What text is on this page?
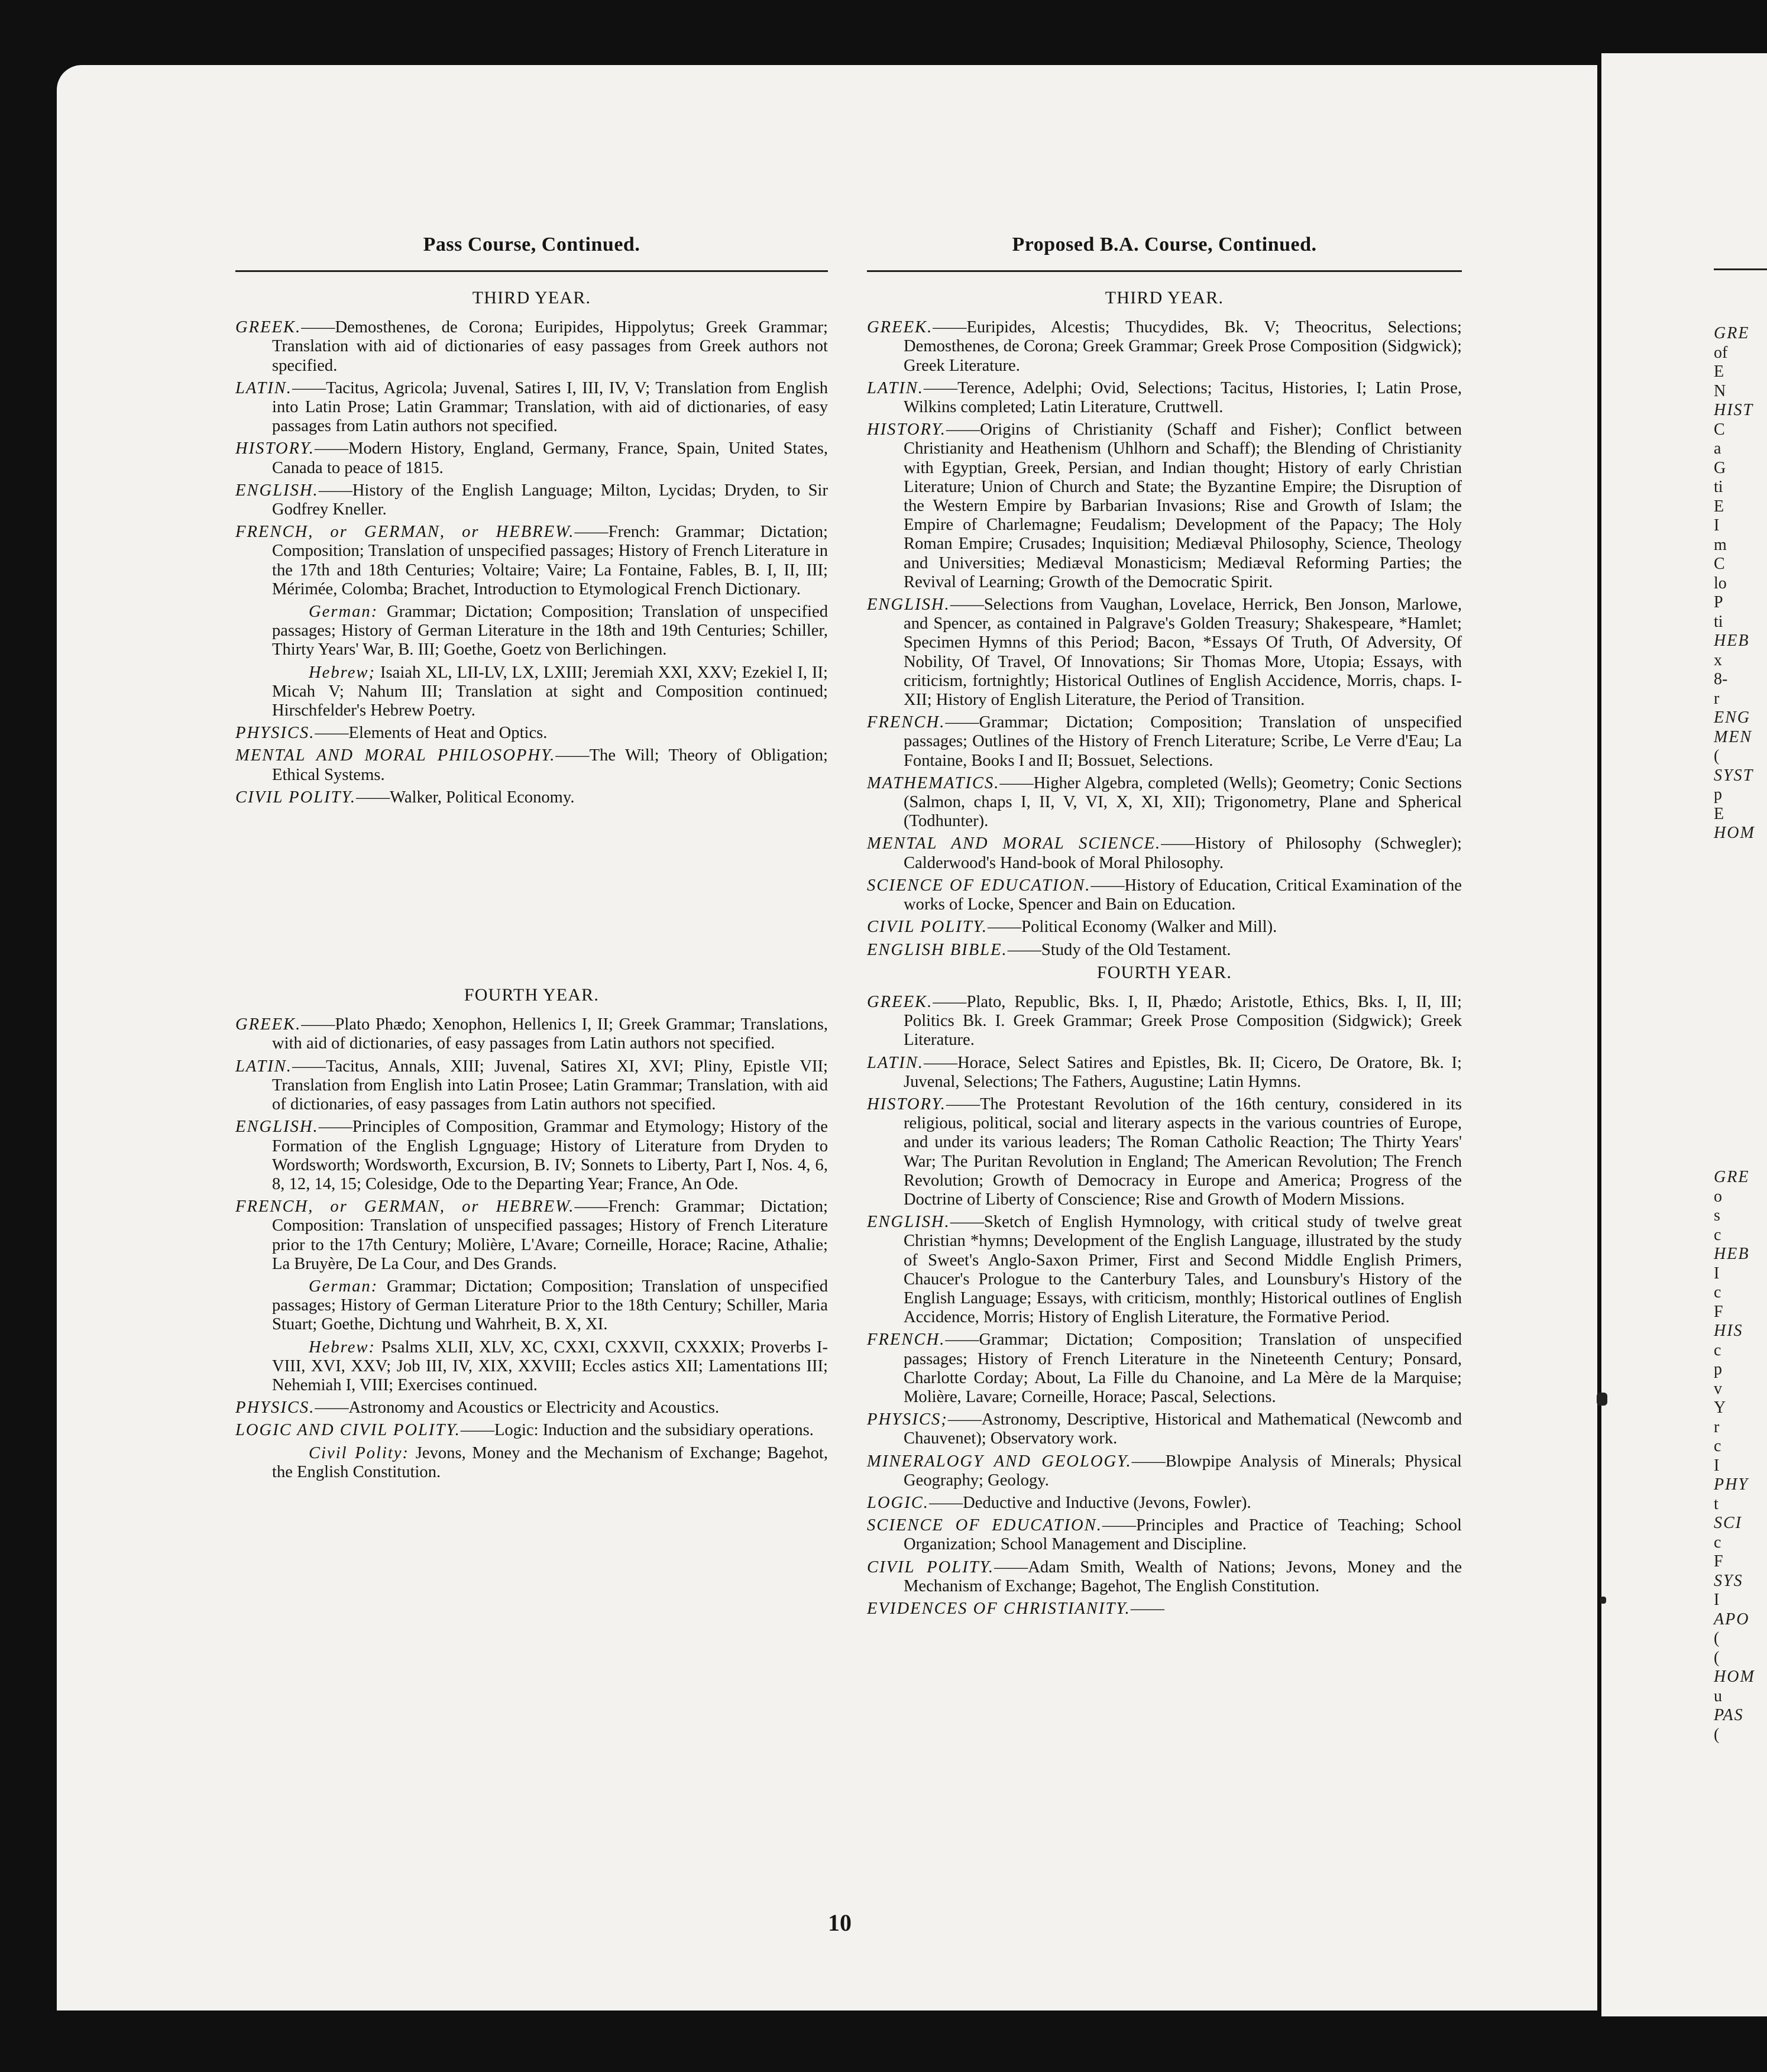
Pass Course, Continued.
THIRD YEAR.

GREEK.——Demosthenes, de Corona; Euripides, Hippolytus; Greek Grammar; Translation with aid of dictionaries of easy passages from Greek authors not specified.

LATIN.——Tacitus, Agricola; Juvenal, Satires I, III, IV, V; Translation from English into Latin Prose; Latin Grammar; Translation, with aid of dictionaries, of easy passages from Latin authors not specified.

HISTORY.——Modern History, England, Germany, France, Spain, United States, Canada to peace of 1815.

ENGLISH.——History of the English Language; Milton, Lycidas; Dryden, to Sir Godfrey Kneller.

FRENCH, or GERMAN, or HEBREW.——French: Grammar; Dictation; Composition; Translation of unspecified passages; History of French Literature in the 17th and 18th Centuries; Voltaire; Vaire; La Fontaine, Fables, B. I, II, III; Mérimée, Colomba; Brachet, Introduction to Etymological French Dictionary.

German: Grammar; Dictation; Composition; Translation of unspecified passages; History of German Literature in the 18th and 19th Centuries; Schiller, Thirty Years' War, B. III; Goethe, Goetz von Berlichingen.

Hebrew; Isaiah XL, LII-LV, LX, LXIII; Jeremiah XXI, XXV; Ezekiel I, II; Micah V; Nahum III; Translation at sight and Composition continued; Hirschfelder's Hebrew Poetry.

PHYSICS.——Elements of Heat and Optics.

MENTAL AND MORAL PHILOSOPHY.——The Will; Theory of Obligation; Ethical Systems.

CIVIL POLITY.——Walker, Political Economy.

FOURTH YEAR.

GREEK.——Plato Phædo; Xenophon, Hellenics I, II; Greek Grammar; Translations, with aid of dictionaries, of easy passages from Latin authors not specified.

LATIN.——Tacitus, Annals, XIII; Juvenal, Satires XI, XVI; Pliny, Epistle VII; Translation from English into Latin Prosee; Latin Grammar; Translation, with aid of dictionaries, of easy passages from Latin authors not specified.

ENGLISH.——Principles of Composition, Grammar and Etymology; History of the Formation of the English Lgnguage; History of Literature from Dryden to Wordsworth; Wordsworth, Excursion, B. IV; Sonnets to Liberty, Part I, Nos. 4, 6, 8, 12, 14, 15; Colesidge, Ode to the Departing Year; France, An Ode.

FRENCH, or GERMAN, or HEBREW.——French: Grammar; Dictation; Composition: Translation of unspecified passages; History of French Literature prior to the 17th Century; Molière, L'Avare; Corneille, Horace; Racine, Athalie; La Bruyère, De La Cour, and Des Grands.

German: Grammar; Dictation; Composition; Translation of unspecified passages; History of German Literature Prior to the 18th Century; Schiller, Maria Stuart; Goethe, Dichtung und Wahrheit, B. X, XI.

Hebrew: Psalms XLII, XLV, XC, CXXI, CXXVII, CXXXIX; Proverbs I-VIII, XVI, XXV; Job III, IV, XIX, XXVIII; Eccles astics XII; Lamentations III; Nehemiah I, VIII; Exercises continued.

PHYSICS.——Astronomy and Acoustics or Electricity and Acoustics.

LOGIC AND CIVIL POLITY.——Logic: Induction and the subsidiary operations.

Civil Polity: Jevons, Money and the Mechanism of Exchange; Bagehot, the English Constitution.

Proposed B.A. Course, Continued.
THIRD YEAR.

GREEK.——Euripides, Alcestis; Thucydides, Bk. V; Theocritus, Selections; Demosthenes, de Corona; Greek Grammar; Greek Prose Composition (Sidgwick); Greek Literature.

LATIN.——Terence, Adelphi; Ovid, Selections; Tacitus, Histories, I; Latin Prose, Wilkins completed; Latin Literature, Cruttwell.

HISTORY.——Origins of Christianity (Schaff and Fisher); Conflict between Christianity and Heathenism (Uhlhorn and Schaff); the Blending of Christianity with Egyptian, Greek, Persian, and Indian thought; History of early Christian Literature; Union of Church and State; the Byzantine Empire; the Disruption of the Western Empire by Barbarian Invasions; Rise and Growth of Islam; the Empire of Charlemagne; Feudalism; Development of the Papacy; The Holy Roman Empire; Crusades; Inquisition; Mediæval Philosophy, Science, Theology and Universities; Mediæval Monasticism; Mediæval Reforming Parties; the Revival of Learning; Growth of the Democratic Spirit.

ENGLISH.——Selections from Vaughan, Lovelace, Herrick, Ben Jonson, Marlowe, and Spencer, as contained in Palgrave's Golden Treasury; Shakespeare, *Hamlet; Specimen Hymns of this Period; Bacon, *Essays Of Truth, Of Adversity, Of Nobility, Of Travel, Of Innovations; Sir Thomas More, Utopia; Essays, with criticism, fortnightly; Historical Outlines of English Accidence, Morris, chaps. I-XII; History of English Literature, the Period of Transition.

FRENCH.——Grammar; Dictation; Composition; Translation of unspecified passages; Outlines of the History of French Literature; Scribe, Le Verre d'Eau; La Fontaine, Books I and II; Bossuet, Selections.

MATHEMATICS.——Higher Algebra, completed (Wells); Geometry; Conic Sections (Salmon, chaps I, II, V, VI, X, XI, XII); Trigonometry, Plane and Spherical (Todhunter).

MENTAL AND MORAL SCIENCE.——History of Philosophy (Schwegler); Calderwood's Hand-book of Moral Philosophy.

SCIENCE OF EDUCATION.——History of Education, Critical Examination of the works of Locke, Spencer and Bain on Education.

CIVIL POLITY.——Political Economy (Walker and Mill).

ENGLISH BIBLE.——Study of the Old Testament.

FOURTH YEAR.

GREEK.——Plato, Republic, Bks. I, II, Phædo; Aristotle, Ethics, Bks. I, II, III; Politics Bk. I. Greek Grammar; Greek Prose Composition (Sidgwick); Greek Literature.

LATIN.——Horace, Select Satires and Epistles, Bk. II; Cicero, De Oratore, Bk. I; Juvenal, Selections; The Fathers, Augustine; Latin Hymns.

HISTORY.——The Protestant Revolution of the 16th century, considered in its religious, political, social and literary aspects in the various countries of Europe, and under its various leaders; The Roman Catholic Reaction; The Thirty Years' War; The Puritan Revolution in England; The American Revolution; The French Revolution; Growth of Democracy in Europe and America; Progress of the Doctrine of Liberty of Conscience; Rise and Growth of Modern Missions.

ENGLISH.——Sketch of English Hymnology, with critical study of twelve great Christian *hymns; Development of the English Language, illustrated by the study of Sweet's Anglo-Saxon Primer, First and Second Middle English Primers, Chaucer's Prologue to the Canterbury Tales, and Lounsbury's History of the English Language; Essays, with criticism, monthly; Historical outlines of English Accidence, Morris; History of English Literature, the Formative Period.

FRENCH.——Grammar; Dictation; Composition; Translation of unspecified passages; History of French Literature in the Nineteenth Century; Ponsard, Charlotte Corday; About, La Fille du Chanoine, and La Mère de la Marquise; Molière, Lavare; Corneille, Horace; Pascal, Selections.

PHYSICS;——Astronomy, Descriptive, Historical and Mathematical (Newcomb and Chauvenet); Observatory work.

MINERALOGY AND GEOLOGY.——Blowpipe Analysis of Minerals; Physical Geography; Geology.

LOGIC.——Deductive and Inductive (Jevons, Fowler).

SCIENCE OF EDUCATION.——Principles and Practice of Teaching; School Organization; School Management and Discipline.

CIVIL POLITY.——Adam Smith, Wealth of Nations; Jevons, Money and the Mechanism of Exchange; Bagehot, The English Constitution.

EVIDENCES OF CHRISTIANITY.——

10
GRE
of
E
N
HIST
C
a
G
ti
E
I
m
C
lo
P
ti
HEB
x
8-
r
ENG
MEN
(
SYST
p
E
HOM
GRE
o
s
c
HEB
I
c
F
HIS
c
p
v
Y
r
c
I
PHY
t
SCI
c
F
SYS
I
APO
(
(
HOM
u
PAS
(
